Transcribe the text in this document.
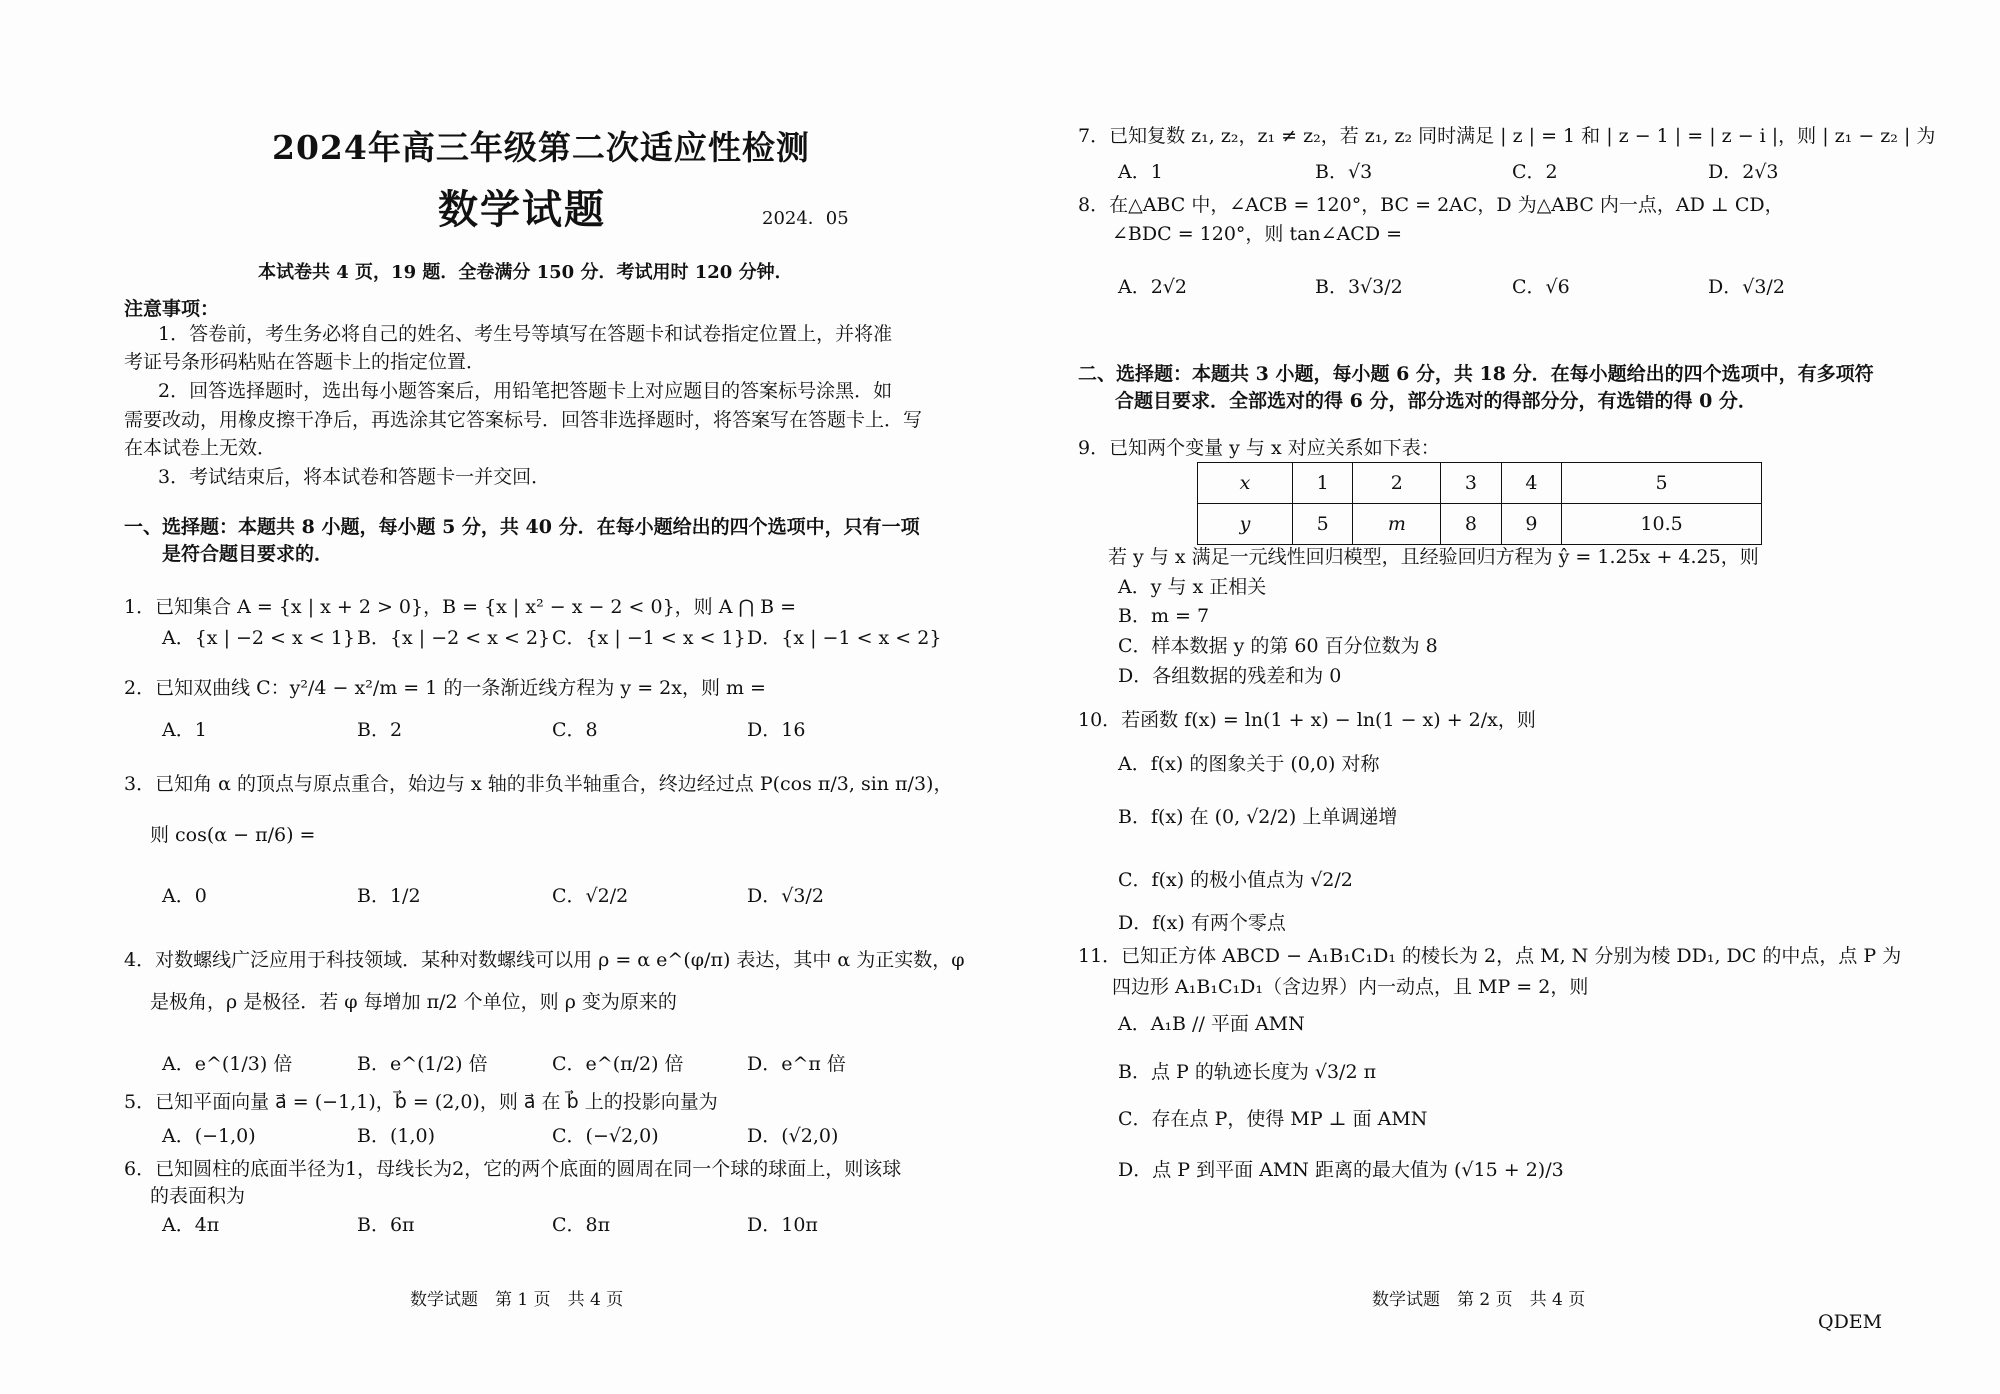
2024年高三年级第二次适应性检测
数学试题	2024．05
本试卷共 4 页，19 题．全卷满分 150 分．考试用时 120 分钟．
注意事项：
1．答卷前，考生务必将自己的姓名、考生号等填写在答题卡和试卷指定位置上，并将准
考证号条形码粘贴在答题卡上的指定位置．
2．回答选择题时，选出每小题答案后，用铅笔把答题卡上对应题目的答案标号涂黑．如
需要改动，用橡皮擦干净后，再选涂其它答案标号．回答非选择题时，将答案写在答题卡上．写
在本试卷上无效．
3．考试结束后，将本试卷和答题卡一并交回．
一、选择题：本题共 8 小题，每小题 5 分，共 40 分．在每小题给出的四个选项中，只有一项
是符合题目要求的．
1．已知集合 A = {x | x + 2 > 0}，B = {x | x² − x − 2 < 0}，则 A ⋂ B =
A．{x | −2 < x < 1} B．{x | −2 < x < 2} C．{x | −1 < x < 1} D．{x | −1 < x < 2}
2．已知双曲线 C：y²/4 − x²/m = 1 的一条渐近线方程为 y = 2x，则 m =
A．1	B．2	C．8	D．16
3．已知角 α 的顶点与原点重合，始边与 x 轴的非负半轴重合，终边经过点 P(cos π/3, sin π/3)，
则 cos(α − π/6) =
A．0	B．1/2	C．√2/2	D．√3/2
4．对数螺线广泛应用于科技领域．某种对数螺线可以用 ρ = α e^(φ/π) 表达，其中 α 为正实数，φ
是极角，ρ 是极径．若 φ 每增加 π/2 个单位，则 ρ 变为原来的
A．e^(1/3) 倍	B．e^(1/2) 倍	C．e^(π/2) 倍	D．e^π 倍
5．已知平面向量 a⃗ = (−1,1)，b⃗ = (2,0)，则 a⃗ 在 b⃗ 上的投影向量为
A．(−1,0)	B．(1,0)	C．(−√2,0)	D．(√2,0)
6．已知圆柱的底面半径为1，母线长为2，它的两个底面的圆周在同一个球的球面上，则该球
的表面积为
A．4π	B．6π	C．8π	D．10π
数学试题　第 1 页　共 4 页
7．已知复数 z₁, z₂，z₁ ≠ z₂，若 z₁, z₂ 同时满足 | z | = 1 和 | z − 1 | = | z − i |，则 | z₁ − z₂ | 为
A．1	B．√3	C．2	D．2√3
8．在△ABC 中，∠ACB = 120°，BC = 2AC，D 为△ABC 内一点，AD ⊥ CD，
∠BDC = 120°，则 tan∠ACD =
A．2√2	B．3√3/2	C．√6	D．√3/2
二、选择题：本题共 3 小题，每小题 6 分，共 18 分．在每小题给出的四个选项中，有多项符
合题目要求．全部选对的得 6 分，部分选对的得部分分，有选错的得 0 分．
9．已知两个变量 y 与 x 对应关系如下表：
x	1	2	3	4	5
y	5	m	8	9	10.5
若 y 与 x 满足一元线性回归模型，且经验回归方程为 ŷ = 1.25x + 4.25，则
A．y 与 x 正相关
B．m = 7
C．样本数据 y 的第 60 百分位数为 8
D．各组数据的残差和为 0
10．若函数 f(x) = ln(1 + x) − ln(1 − x) + 2/x，则
A．f(x) 的图象关于 (0,0) 对称
B．f(x) 在 (0, √2/2) 上单调递增
C．f(x) 的极小值点为 √2/2
D．f(x) 有两个零点
11．已知正方体 ABCD − A₁B₁C₁D₁ 的棱长为 2，点 M, N 分别为棱 DD₁, DC 的中点，点 P 为
四边形 A₁B₁C₁D₁（含边界）内一动点，且 MP = 2，则
A．A₁B // 平面 AMN
B．点 P 的轨迹长度为 √3/2 π
C．存在点 P，使得 MP ⊥ 面 AMN
D．点 P 到平面 AMN 距离的最大值为 (√15 + 2)/3
数学试题　第 2 页　共 4 页
QDEM
